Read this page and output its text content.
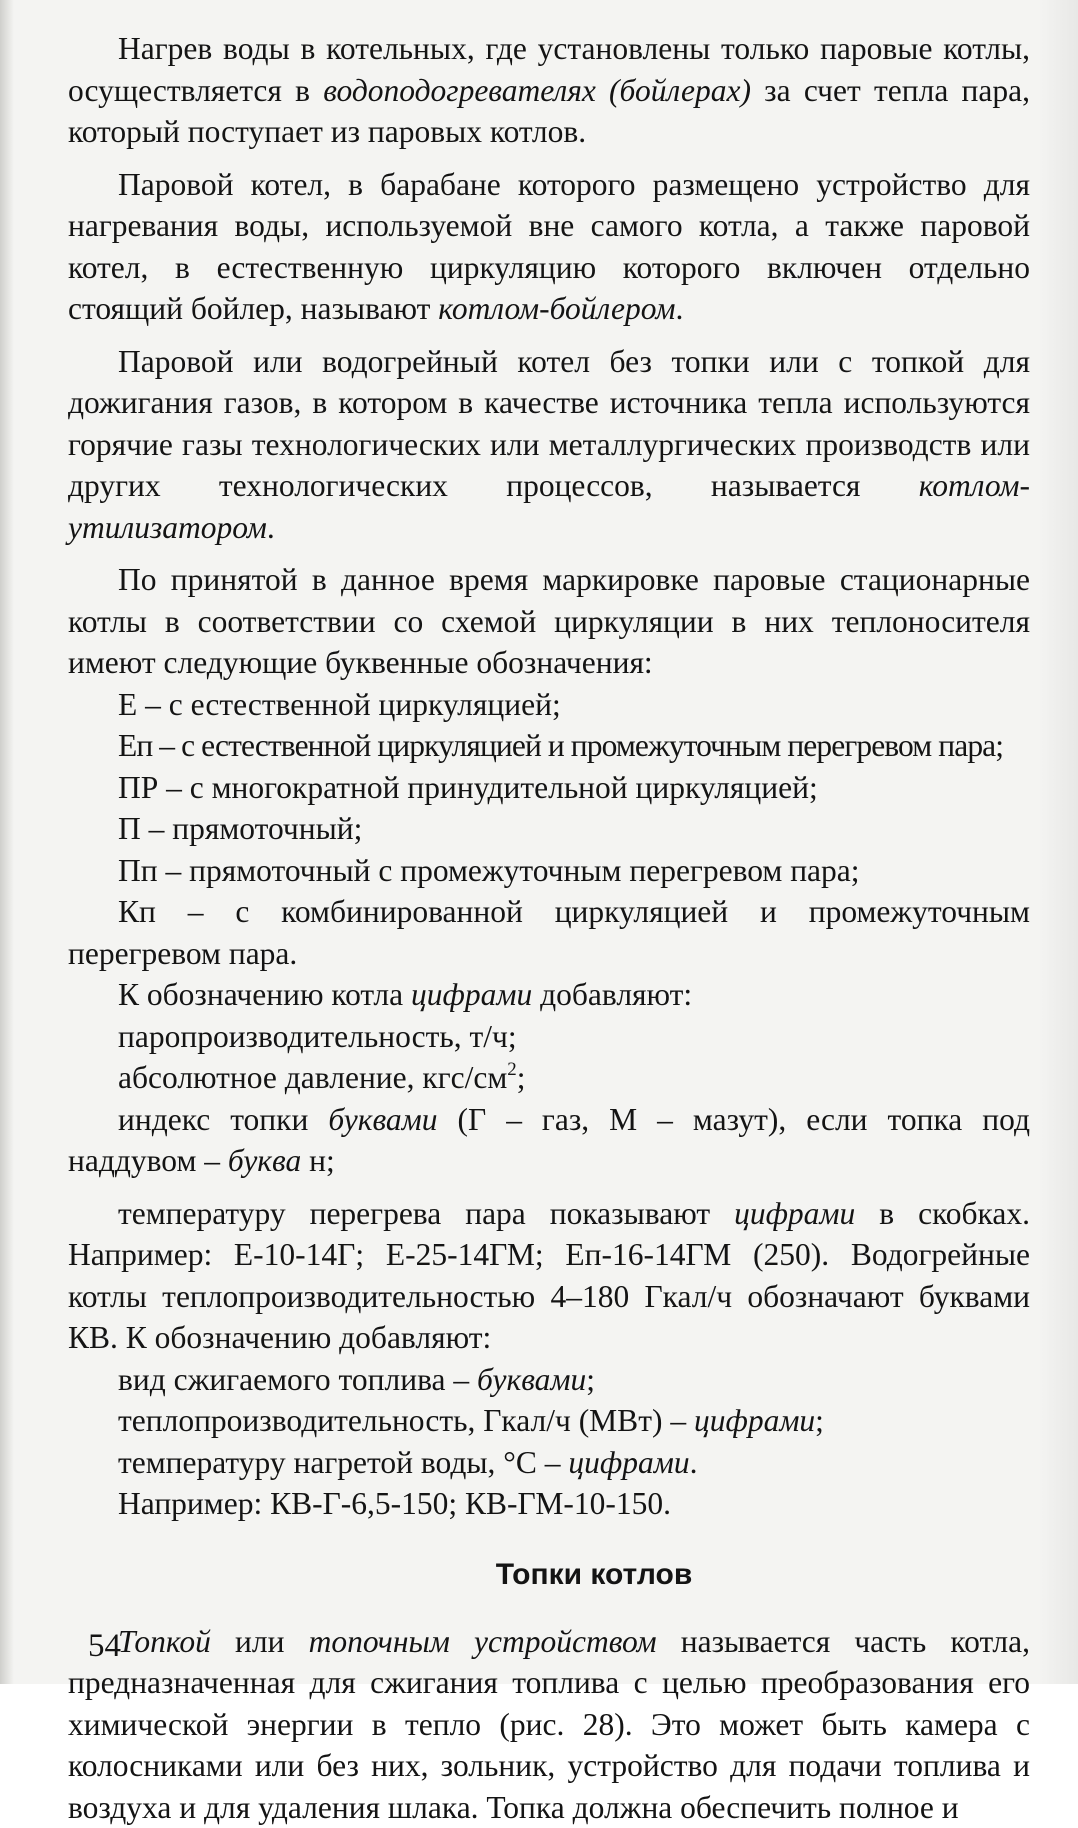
Нагрев воды в котельных, где установлены только паровые котлы, осуществляется в водоподогревателях (бойлерах) за счет тепла пара, который поступает из паровых котлов.

Паровой котел, в барабане которого размещено устройство для нагревания воды, используемой вне самого котла, а также паровой котел, в естественную циркуляцию которого включен отдельно стоящий бойлер, называют котлом-бойлером.

Паровой или водогрейный котел без топки или с топкой для дожигания газов, в котором в качестве источника тепла используются горячие газы технологических или металлургических производств или других технологических процессов, называется котлом-утилизатором.

По принятой в данное время маркировке паровые стационарные котлы в соответствии со схемой циркуляции в них теплоносителя имеют следующие буквенные обозначения:

Е – с естественной циркуляцией;

Еп – с естественной циркуляцией и промежуточным перегревом пара;

ПР – с многократной принудительной циркуляцией;

П – прямоточный;

Пп – прямоточный с промежуточным перегревом пара;

Кп – с комбинированной циркуляцией и промежуточным перегревом пара.

К обозначению котла цифрами добавляют:

паропроизводительность, т/ч;

абсолютное давление, кгс/$см^2$;

индекс топки буквами (Г – газ, М – мазут), если топка под наддувом – буква н;

температуру перегрева пара показывают цифрами в скобках. Например: Е-10-14Г; Е-25-14ГМ; Еп-16-14ГМ (250). Водогрейные котлы теплопроизводительностью 4–180 Гкал/ч обозначают буквами КВ. К обозначению добавляют:

вид сжигаемого топлива – буквами;

теплопроизводительность, Гкал/ч (МВт) – цифрами;

температуру нагретой воды, °С – цифрами.

Например: КВ-Г-6,5-150; КВ-ГМ-10-150.

Топки котлов

Топкой или топочным устройством называется часть котла, предназначенная для сжигания топлива с целью преобразования его химической энергии в тепло (рис. 28). Это может быть камера с колосниками или без них, зольник, устройство для подачи топлива и воздуха и для удаления шлака. Топка должна обеспечить полное и

54
